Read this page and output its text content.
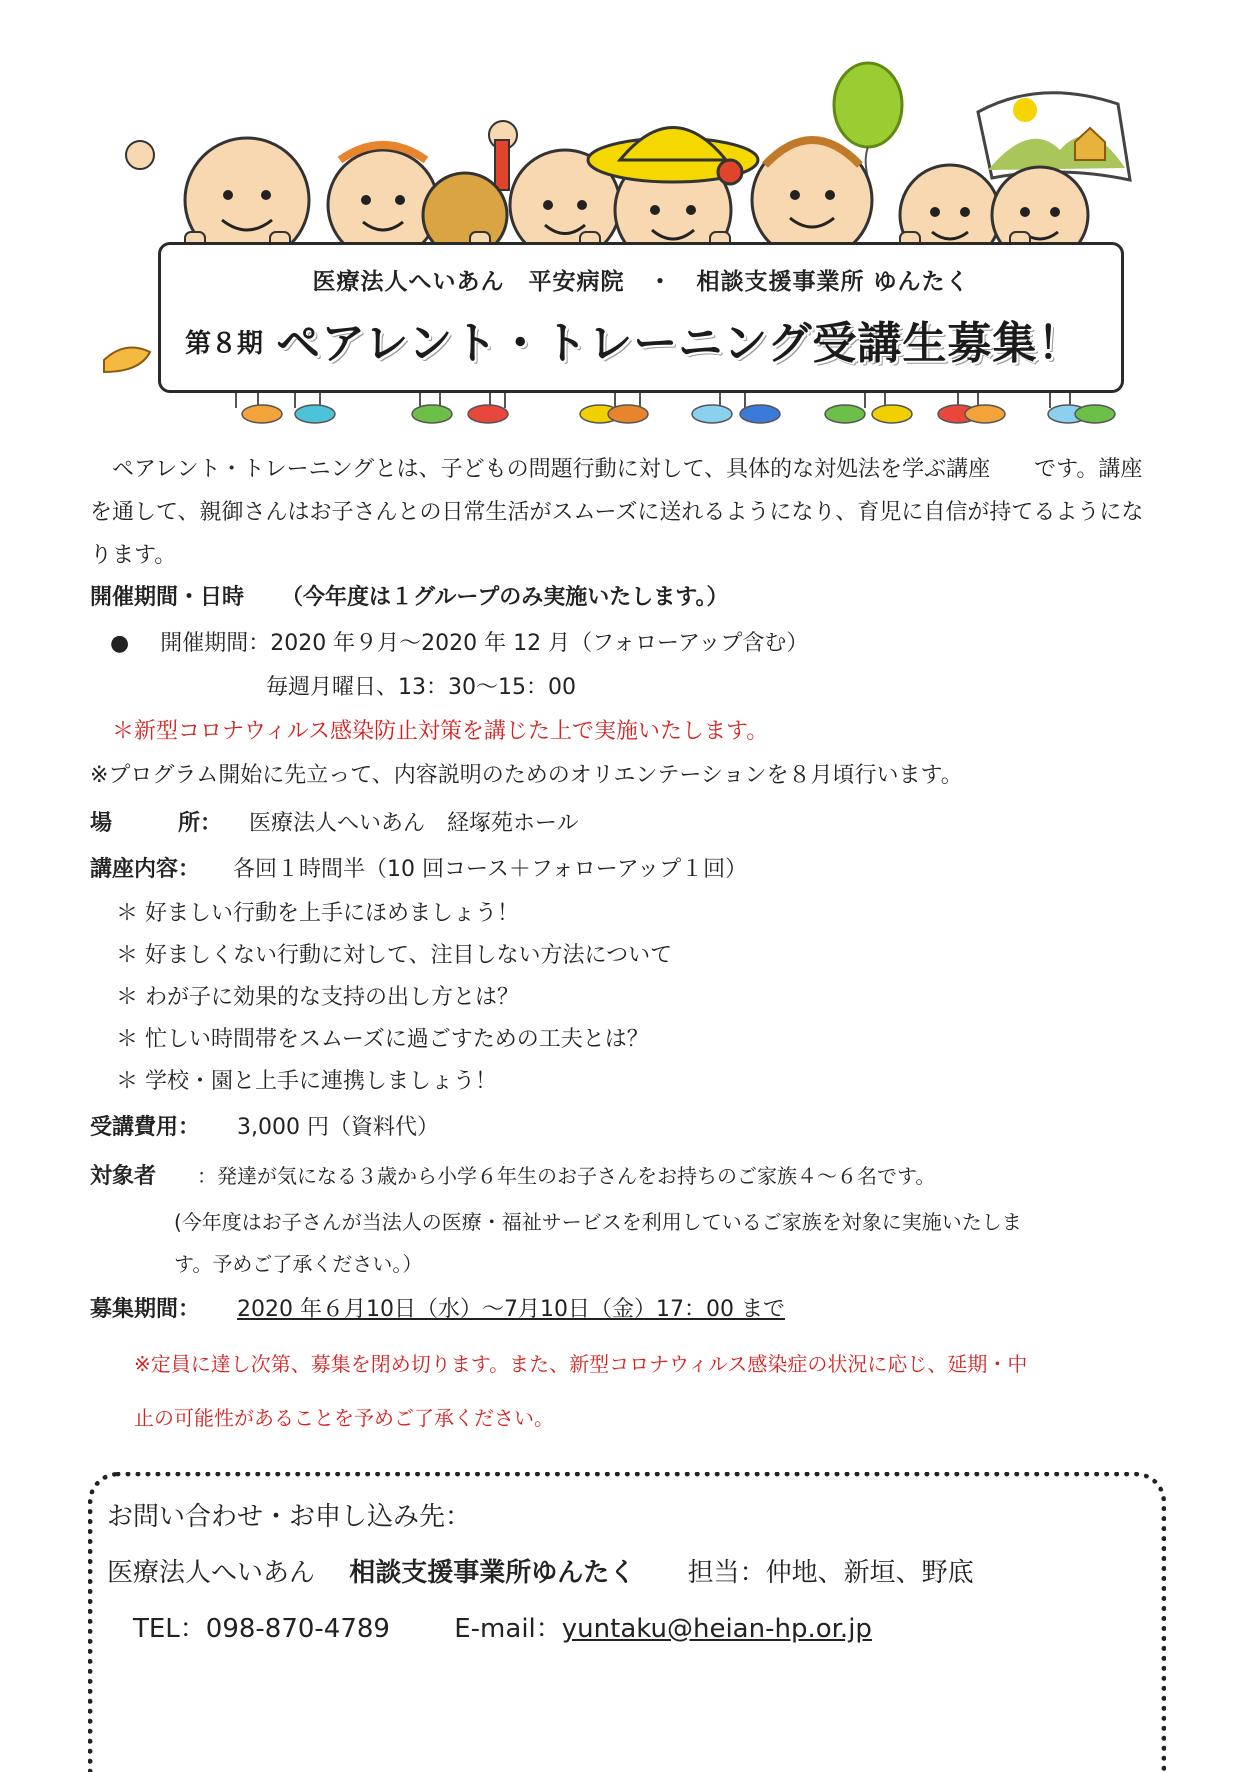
医療法人へいあん　平安病院　・　相談支援事業所 ゆんたく
第８期 ペアレント・トレーニング受講生募集！
ペアレント・トレーニングとは、子どもの問題行動に対して、具体的な対処法を学ぶ講座　　です。講座を通して、親御さんはお子さんとの日常生活がスムーズに送れるようになり、育児に自信が持てるようになります。
開催期間・日時 （今年度は１グループのみ実施いたします。）
● 開催期間：2020 年９月〜2020 年 12 月（フォローアップ含む）
毎週月曜日、13：30〜15：00
＊新型コロナウィルス感染防止対策を講じた上で実施いたします。
※プログラム開始に先立って、内容説明のためのオリエンテーションを８月頃行います。
場　　　所： 医療法人へいあん　経塚苑ホール
講座内容： 各回１時間半（10 回コース＋フォローアップ１回）
＊ 好ましい行動を上手にほめましょう！
＊ 好ましくない行動に対して、注目しない方法について
＊ わが子に効果的な支持の出し方とは？
＊ 忙しい時間帯をスムーズに過ごすための工夫とは？
＊ 学校・園と上手に連携しましょう！
受講費用： 3,000 円（資料代）
対象者 ：発達が気になる３歳から小学６年生のお子さんをお持ちのご家族４〜６名です。
(今年度はお子さんが当法人の医療・福祉サービスを利用しているご家族を対象に実施いたしま
す。予めご了承ください。）
募集期間： 2020 年６月10日（水）〜7月10日（金）17：00 まで
※定員に達し次第、募集を閉め切ります。また、新型コロナウィルス感染症の状況に応じ、延期・中
止の可能性があることを予めご了承ください。
お問い合わせ・お申し込み先：
医療法人へいあん 相談支援事業所ゆんたく 担当：仲地、新垣、野底
TEL：098-870-4789 E-mail：yuntaku@heian-hp.or.jp
